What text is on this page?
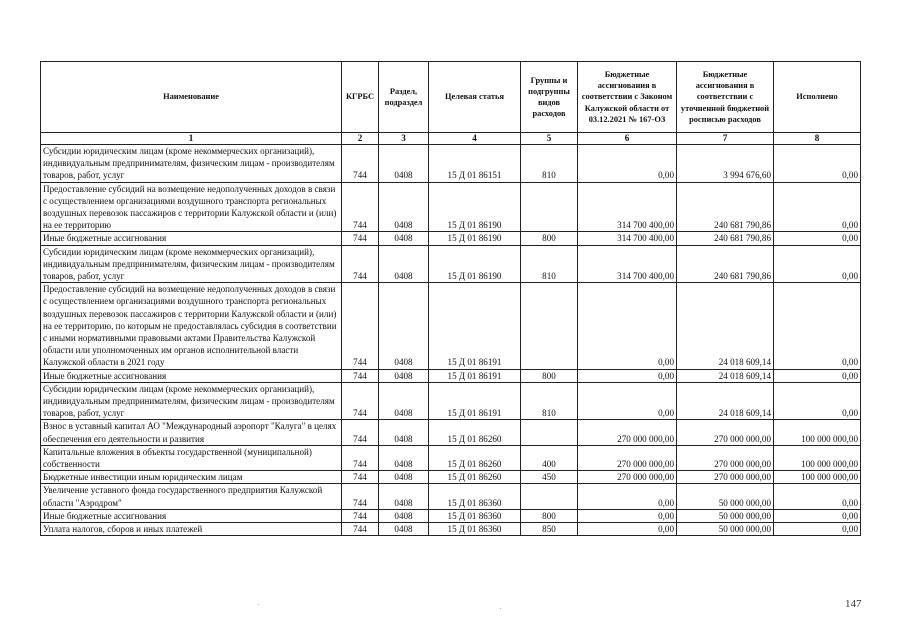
Наименование	КГРБС	Раздел, подраздел	Целевая статья	Группы и подгруппы видов расходов	Бюджетные ассигнования в соответствии с Законом Калужской области от 03.12.2021 № 167-ОЗ	Бюджетные ассигнования в соответствии с уточненной бюджетной росписью расходов	Исполнено
1	2	3	4	5	6	7	8
Субсидии юридическим лицам (кроме некоммерческих организаций), индивидуальным предпринимателям, физическим лицам - производителям товаров, работ, услуг	744	0408	15 Д 01 86151	810	0,00	3 994 676,60	0,00
Предоставление субсидий на возмещение недополученных доходов в связи с осуществлением организациями воздушного транспорта региональных воздушных перевозок пассажиров с территории Калужской области и (или) на ее территорию	744	0408	15 Д 01 86190		314 700 400,00	240 681 790,86	0,00
Иные бюджетные ассигнования	744	0408	15 Д 01 86190	800	314 700 400,00	240 681 790,86	0,00
Субсидии юридическим лицам (кроме некоммерческих организаций), индивидуальным предпринимателям, физическим лицам - производителям товаров, работ, услуг	744	0408	15 Д 01 86190	810	314 700 400,00	240 681 790,86	0,00
Предоставление субсидий на возмещение недополученных доходов в связи с осуществлением организациями воздушного транспорта региональных воздушных перевозок пассажиров с территории Калужской области и (или) на ее территорию, по которым не предоставлялась субсидия в соответствии с иными нормативными правовыми актами Правительства Калужской области или уполномоченных им органов исполнительной власти Калужской области в 2021 году	744	0408	15 Д 01 86191		0,00	24 018 609,14	0,00
Иные бюджетные ассигнования	744	0408	15 Д 01 86191	800	0,00	24 018 609,14	0,00
Субсидии юридическим лицам (кроме некоммерческих организаций), индивидуальным предпринимателям, физическим лицам - производителям товаров, работ, услуг	744	0408	15 Д 01 86191	810	0,00	24 018 609,14	0,00
Взнос в уставный капитал АО "Международный аэропорт "Калуга" в целях обеспечения его деятельности и развития	744	0408	15 Д 01 86260		270 000 000,00	270 000 000,00	100 000 000,00
Капитальные вложения в объекты государственной (муниципальной) собственности	744	0408	15 Д 01 86260	400	270 000 000,00	270 000 000,00	100 000 000,00
Бюджетные инвестиции иным юридическим лицам	744	0408	15 Д 01 86260	450	270 000 000,00	270 000 000,00	100 000 000,00
Увеличение уставного фонда государственного предприятия Калужской области "Аэродром"	744	0408	15 Д 01 86360		0,00	50 000 000,00	0,00
Иные бюджетные ассигнования	744	0408	15 Д 01 86360	800	0,00	50 000 000,00	0,00
Уплата налогов, сборов и иных платежей	744	0408	15 Д 01 86360	850	0,00	50 000 000,00	0,00
147
